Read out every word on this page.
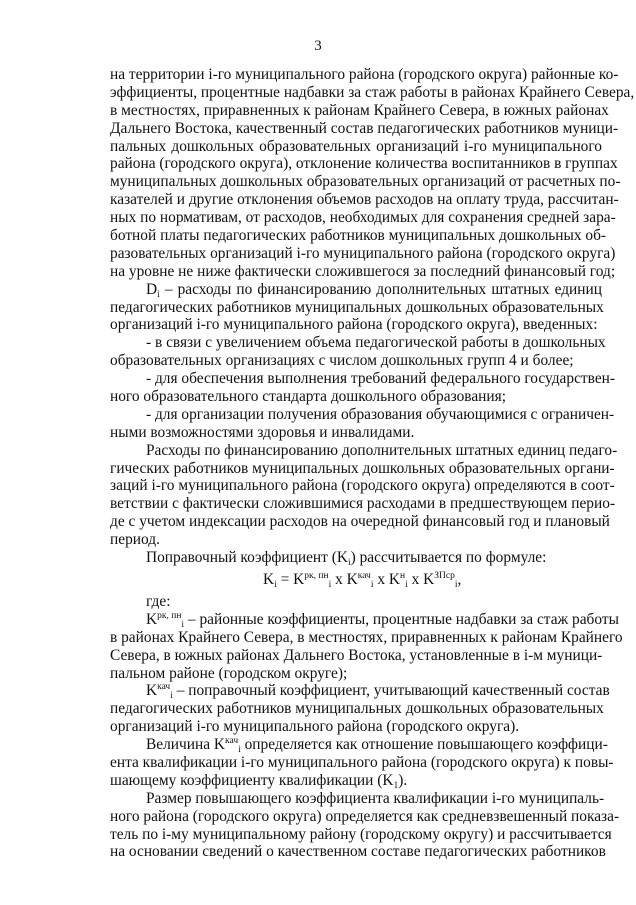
3
на территории i-го муниципального района (городского округа) районные ко-
эффициенты, процентные надбавки за стаж работы в районах Крайнего Севера,
в местностях, приравненных к районам Крайнего Севера, в южных районах
Дальнего Востока, качественный состав педагогических работников муници-
пальных дошкольных образовательных организаций i-го муниципального
района (городского округа), отклонение количества воспитанников в группах
муниципальных дошкольных образовательных организаций от расчетных по-
казателей и другие отклонения объемов расходов на оплату труда, рассчитан-
ных по нормативам, от расходов, необходимых для сохранения средней зара-
ботной платы педагогических работников муниципальных дошкольных об-
разовательных организаций i-го муниципального района (городского округа)
на уровне не ниже фактически сложившегося за последний финансовый год;
$D_i$ – расходы по финансированию дополнительных штатных единиц
педагогических работников муниципальных дошкольных образовательных
организаций i-го муниципального района (городского округа), введенных:
- в связи с увеличением объема педагогической работы в дошкольных
образовательных организациях с числом дошкольных групп 4 и более;
- для обеспечения выполнения требований федерального государствен-
ного образовательного стандарта дошкольного образования;
- для организации получения образования обучающимися с ограничен-
ными возможностями здоровья и инвалидами.
Расходы по финансированию дополнительных штатных единиц педаго-
гических работников муниципальных дошкольных образовательных органи-
заций i-го муниципального района (городского округа) определяются в соот-
ветствии с фактически сложившимися расходами в предшествующем перио-
де с учетом индексации расходов на очередной финансовый год и плановый
период.
Поправочный коэффициент $(K_i)$ рассчитывается по формуле:
$K_i = K^{рк, пн}_i$ x $K^{кач}_i$ x $K^н_i$ x $K^{ЗПср}_i$,
где:
$K^{рк, пн}_i$ – районные коэффициенты, процентные надбавки за стаж работы
в районах Крайнего Севера, в местностях, приравненных к районам Крайнего
Севера, в южных районах Дальнего Востока, установленные в i-м муници-
пальном районе (городском округе);
$K^{кач}_i$ – поправочный коэффициент, учитывающий качественный состав
педагогических работников муниципальных дошкольных образовательных
организаций i-го муниципального района (городского округа).
Величина $K^{кач}_i$ определяется как отношение повышающего коэффици-
ента квалификации i-го муниципального района (городского округа) к повы-
шающему коэффициенту квалификации $(K_1)$.
Размер повышающего коэффициента квалификации i-го муниципаль-
ного района (городского округа) определяется как средневзвешенный показа-
тель по i-му муниципальному району (городскому округу) и рассчитывается
на основании сведений о качественном составе педагогических работников
